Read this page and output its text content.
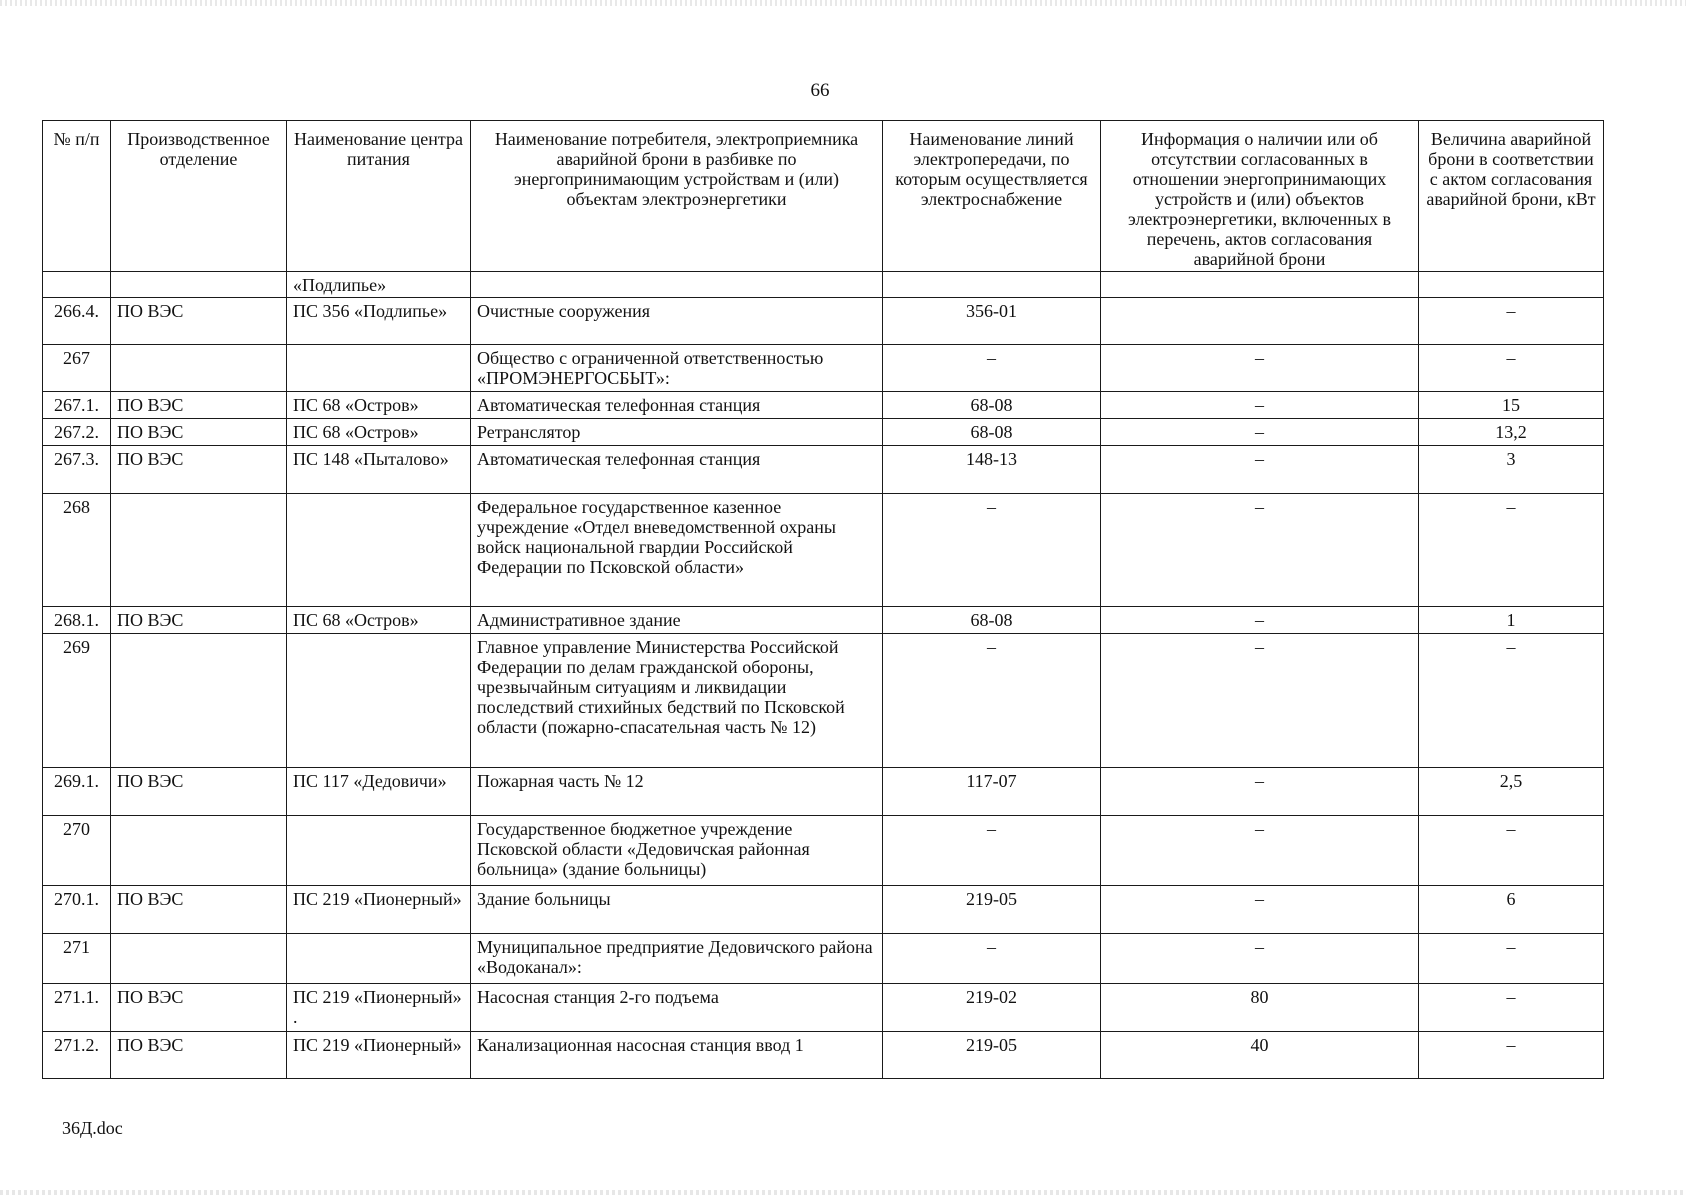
66
№ п/п	Производственное отделение	Наименование центра питания	Наименование потребителя, электроприемника аварийной брони в разбивке по энергопринимающим устройствам и (или) объектам электроэнергетики	Наименование линий электропередачи, по которым осуществляется электроснабжение	Информация о наличии или об отсутствии согласованных в отношении энергопринимающих устройств и (или) объектов электроэнергетики, включенных в перечень, актов согласования аварийной брони	Величина аварийной брони в соответствии с актом согласования аварийной брони, кВт
		«Подлипье»				
266.4.	ПО ВЭС	ПС 356 «Подлипье»	Очистные сооружения	356-01		–
267			Общество с ограниченной ответственностью «ПРОМЭНЕРГОСБЫТ»:	–	–	–
267.1.	ПО ВЭС	ПС 68 «Остров»	Автоматическая телефонная станция	68-08	–	15
267.2.	ПО ВЭС	ПС 68 «Остров»	Ретранслятор	68-08	–	13,2
267.3.	ПО ВЭС	ПС 148 «Пыталово»	Автоматическая телефонная станция	148-13	–	3
268			Федеральное государственное казенное учреждение «Отдел вневедомственной охраны войск национальной гвардии Российской Федерации по Псковской области»	–	–	–
268.1.	ПО ВЭС	ПС 68 «Остров»	Административное здание	68-08	–	1
269			Главное управление Министерства Российской Федерации по делам гражданской обороны, чрезвычайным ситуациям и ликвидации последствий стихийных бедствий по Псковской области (пожарно-спасательная часть № 12)	–	–	–
269.1.	ПО ВЭС	ПС 117 «Дедовичи»	Пожарная часть № 12	117-07	–	2,5
270			Государственное бюджетное учреждение Псковской области «Дедовичская районная больница» (здание больницы)	–	–	–
270.1.	ПО ВЭС	ПС 219 «Пионерный»	Здание больницы	219-05	–	6
271			Муниципальное предприятие Дедовичского района «Водоканал»:	–	–	–
271.1.	ПО ВЭС	ПС 219 «Пионерный» .	Насосная станция 2-го подъема	219-02	80	–
271.2.	ПО ВЭС	ПС 219 «Пионерный»	Канализационная насосная станция ввод 1	219-05	40	–
36Д.doc
